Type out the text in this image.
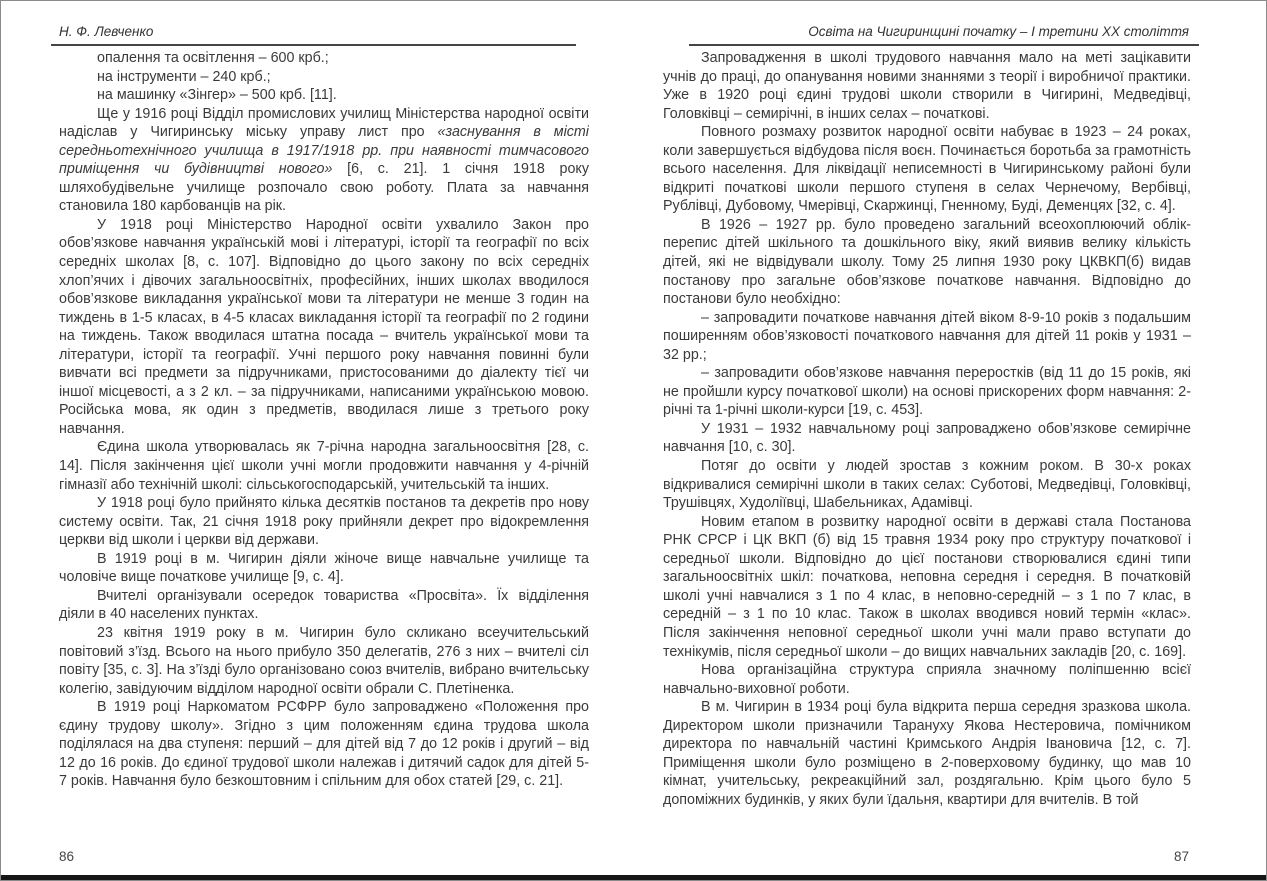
Н. Ф. Левченко

опалення та освітлення – 600 крб.;

на інструменти – 240 крб.;

на машинку «Зінгер» – 500 крб. [11].

Ще у 1916 році Відділ промислових училищ Міністерства народної освіти надіслав у Чигиринську міську управу лист про «заснування в місті середньотехнічного училища в 1917/1918 рр. при наявності тимчасового приміщення чи будівництві нового» [6, с. 21]. 1 січня 1918 року шляхобудівельне училище розпочало свою роботу. Плата за навчання становила 180 карбованців на рік.

У 1918 році Міністерство Народної освіти ухвалило Закон про обов’язкове навчання українській мові і літературі, історії та географії по всіх середніх школах [8, с. 107]. Відповідно до цього закону по всіх середніх хлоп’ячих і дівочих загальноосвітніх, професійних, інших школах вводилося обов’язкове викладання української мови та літератури не менше 3 годин на тиждень в 1-5 класах, в 4-5 класах викладання історії та географії по 2 години на тиждень. Також вводилася штатна посада – вчитель української мови та літератури, історії та географії. Учні першого року навчання повинні були вивчати всі предмети за підручниками, пристосованими до діалекту тієї чи іншої місцевості, а з 2 кл. – за підручниками, написаними українською мовою. Російська мова, як один з предметів, вводилася лише з третього року навчання.

Єдина школа утворювалась як 7-річна народна загальноосвітня [28, с. 14]. Після закінчення цієї школи учні могли продовжити навчання у 4-річній гімназії або технічній школі: сільськогосподарській, учительській та інших.

У 1918 році було прийнято кілька десятків постанов та декретів про нову систему освіти. Так, 21 січня 1918 року прийняли декрет про відокремлення церкви від школи і церкви від держави.

В 1919 році в м. Чигирин діяли жіноче вище навчальне училище та чоловіче вище початкове училище [9, с. 4].

Вчителі організували осередок товариства «Просвіта». Їх відділення діяли в 40 населених пунктах.

23 квітня 1919 року в м. Чигирин було скликано всеучительський повітовий з’їзд. Всього на нього прибуло 350 делегатів, 276 з них – вчителі сіл повіту [35, с. 3]. На з’їзді було організовано союз вчителів, вибрано вчительську колегію, завідуючим відділом народної освіти обрали С. Плетіненка.

В 1919 році Наркоматом РСФРР було запроваджено «Положення про єдину трудову школу». Згідно з цим положенням єдина трудова школа поділялася на два ступеня: перший – для дітей від 7 до 12 років і другий – від 12 до 16 років. До єдиної трудової школи належав і дитячий садок для дітей 5-7 років. Навчання було безкоштовним і спільним для обох статей [29, с. 21].

86
Освіта на Чигиринщині початку – І третини ХХ століття

Запровадження в школі трудового навчання мало на меті зацікавити учнів до праці, до опанування новими знаннями з теорії і виробничої практики. Уже в 1920 році єдині трудові школи створили в Чигирині, Медведівці, Головківці – семирічні, в інших селах – початкові.

Повного розмаху розвиток народної освіти набуває в 1923 – 24 роках, коли завершується відбудова після воєн. Починається боротьба за грамотність всього населення. Для ліквідації неписемності в Чигиринському районі були відкриті початкові школи першого ступеня в селах Чернечому, Вербівці, Рублівці, Дубовому, Чмерівці, Скаржинці, Гненному, Буді, Деменцях [32, с. 4].

В 1926 – 1927 рр. було проведено загальний всеохоплюючий облік-перепис дітей шкільного та дошкільного віку, який виявив велику кількість дітей, які не відвідували школу. Тому 25 липня 1930 року ЦКВКП(б) видав постанову про загальне обов’язкове початкове навчання. Відповідно до постанови було необхідно:

– запровадити початкове навчання дітей віком 8-9-10 років з подальшим поширенням обов’язковості початкового навчання для дітей 11 років у 1931 – 32 рр.;

– запровадити обов’язкове навчання переростків (від 11 до 15 років, які не пройшли курсу початкової школи) на основі прискорених форм навчання: 2-річні та 1-річні школи-курси [19, с. 453].

У 1931 – 1932 навчальному році запроваджено обов’язкове семирічне навчання [10, с. 30].

Потяг до освіти у людей зростав з кожним роком. В 30-х роках відкривалися семирічні школи в таких селах: Суботові, Медведівці, Головківці, Трушівцях, Худоліївці, Шабельниках, Адамівці.

Новим етапом в розвитку народної освіти в державі стала Постанова РНК СРСР і ЦК ВКП (б) від 15 травня 1934 року про структуру початкової і середньої школи. Відповідно до цієї постанови створювалися єдині типи загальноосвітніх шкіл: початкова, неповна середня і середня. В початковій школі учні навчалися з 1 по 4 клас, в неповно-середній – з 1 по 7 клас, в середній – з 1 по 10 клас. Також в школах вводився новий термін «клас». Після закінчення неповної середньої школи учні мали право вступати до технікумів, після середньої школи – до вищих навчальних закладів [20, с. 169].

Нова організаційна структура сприяла значному поліпшенню всієї навчально-виховної роботи.

В м. Чигирин в 1934 році була відкрита перша середня зразкова школа. Директором школи призначили Тарануху Якова Нестеровича, помічником директора по навчальній частині Кримського Андрія Івановича [12, с. 7]. Приміщення школи було розміщено в 2-поверховому будинку, що мав 10 кімнат, учительську, рекреакційний зал, роздягальню. Крім цього було 5 допоміжних будинків, у яких були їдальня, квартири для вчителів. В той

87
